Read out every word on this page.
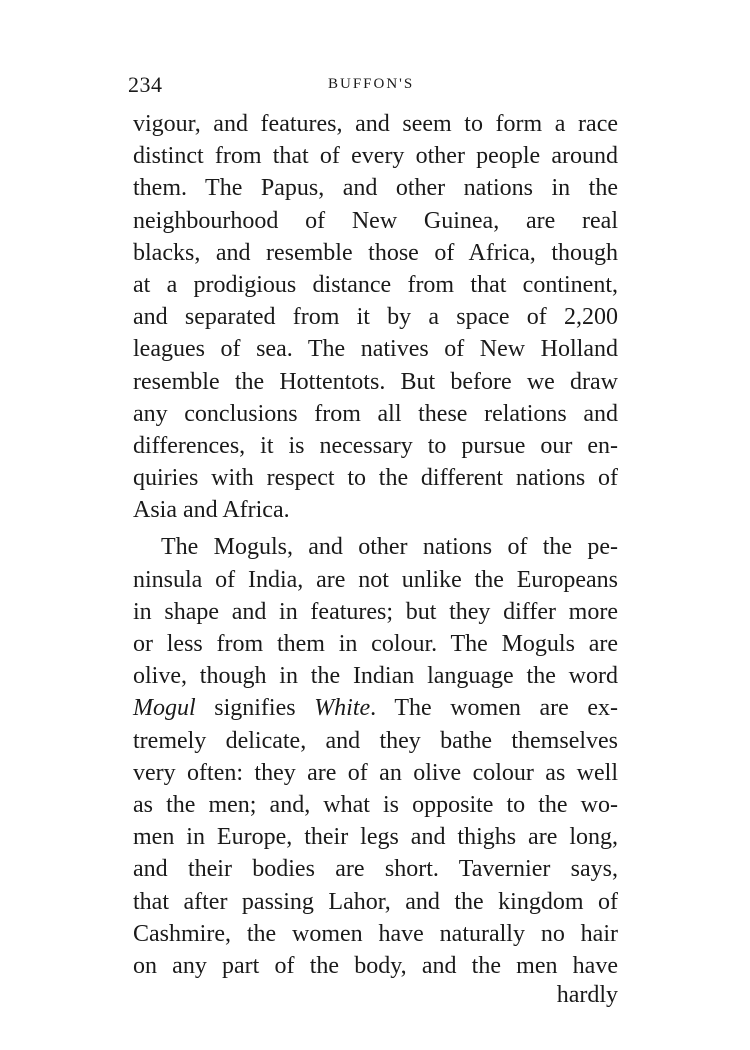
234	BUFFON'S
vigour, and features, and seem to form a race
distinct from that of every other people around
them. The Papus, and other nations in the
neighbourhood of New Guinea, are real
blacks, and resemble those of Africa, though
at a prodigious distance from that continent,
and separated from it by a space of 2,200
leagues of sea. The natives of New Holland
resemble the Hottentots. But before we draw
any conclusions from all these relations and
differences, it is necessary to pursue our en-
quiries with respect to the different nations of
Asia and Africa.
The Moguls, and other nations of the pe-
ninsula of India, are not unlike the Europeans
in shape and in features; but they differ more
or less from them in colour. The Moguls are
olive, though in the Indian language the word
Mogul signifies White. The women are ex-
tremely delicate, and they bathe themselves
very often: they are of an olive colour as well
as the men; and, what is opposite to the wo-
men in Europe, their legs and thighs are long,
and their bodies are short. Tavernier says,
that after passing Lahor, and the kingdom of
Cashmire, the women have naturally no hair
on any part of the body, and the men have
hardly
